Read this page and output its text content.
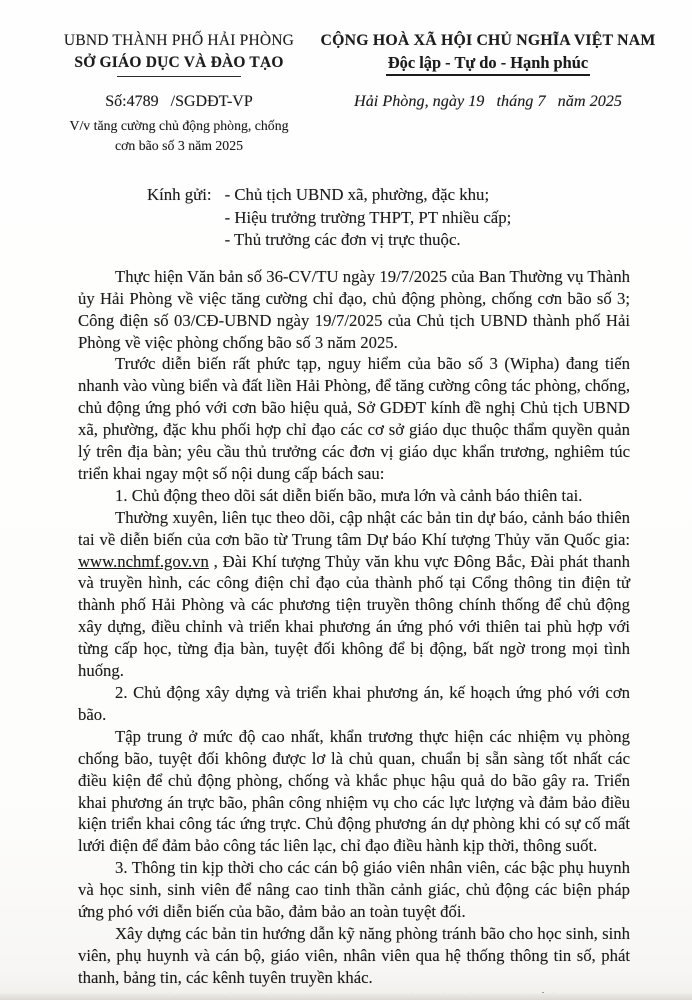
UBND THÀNH PHỐ HẢI PHÒNG
SỞ GIÁO DỤC VÀ ĐÀO TẠO
Số:4789   /SGDĐT-VP
V/v tăng cường chủ động phòng, chống
cơn bão số 3 năm 2025
CỘNG HOÀ XÃ HỘI CHỦ NGHĨA VIỆT NAM
Độc lập - Tự do - Hạnh phúc
Hải Phòng, ngày 19   tháng 7   năm 2025
Kính gửi: - Chủ tịch UBND xã, phường, đặc khu;
- Hiệu trưởng trường THPT, PT nhiều cấp;
- Thủ trưởng các đơn vị trực thuộc.

Thực hiện Văn bản số 36-CV/TU ngày 19/7/2025 của Ban Thường vụ Thành ủy Hải Phòng về việc tăng cường chỉ đạo, chủ động phòng, chống cơn bão số 3; Công điện số 03/CĐ-UBND ngày 19/7/2025 của Chủ tịch UBND thành phố Hải Phòng về việc phòng chống bão số 3 năm 2025.

Trước diễn biến rất phức tạp, nguy hiểm của bão số 3 (Wipha) đang tiến nhanh vào vùng biển và đất liền Hải Phòng, để tăng cường công tác phòng, chống, chủ động ứng phó với cơn bão hiệu quả, Sở GDĐT kính đề nghị Chủ tịch UBND xã, phường, đặc khu phối hợp chỉ đạo các cơ sở giáo dục thuộc thẩm quyền quản lý trên địa bàn; yêu cầu thủ trưởng các đơn vị giáo dục khẩn trương, nghiêm túc triển khai ngay một số nội dung cấp bách sau:

1. Chủ động theo dõi sát diễn biến bão, mưa lớn và cảnh báo thiên tai.

Thường xuyên, liên tục theo dõi, cập nhật các bản tin dự báo, cảnh báo thiên tai về diễn biến của cơn bão từ Trung tâm Dự báo Khí tượng Thủy văn Quốc gia: www.nchmf.gov.vn , Đài Khí tượng Thủy văn khu vực Đông Bắc, Đài phát thanh và truyền hình, các công điện chỉ đạo của thành phố tại Cổng thông tin điện tử thành phố Hải Phòng và các phương tiện truyền thông chính thống để chủ động xây dựng, điều chỉnh và triển khai phương án ứng phó với thiên tai phù hợp với từng cấp học, từng địa bàn, tuyệt đối không để bị động, bất ngờ trong mọi tình huống.

2. Chủ động xây dựng và triển khai phương án, kế hoạch ứng phó với cơn bão.

Tập trung ở mức độ cao nhất, khẩn trương thực hiện các nhiệm vụ phòng chống bão, tuyệt đối không được lơ là chủ quan, chuẩn bị sẵn sàng tốt nhất các điều kiện để chủ động phòng, chống và khắc phục hậu quả do bão gây ra. Triển khai phương án trực bão, phân công nhiệm vụ cho các lực lượng và đảm bảo điều kiện triển khai công tác ứng trực. Chủ động phương án dự phòng khi có sự cố mất lưới điện để đảm bảo công tác liên lạc, chỉ đạo điều hành kịp thời, thông suốt.

3. Thông tin kịp thời cho các cán bộ giáo viên nhân viên, các bậc phụ huynh và học sinh, sinh viên để nâng cao tinh thần cảnh giác, chủ động các biện pháp ứng phó với diễn biến của bão, đảm bảo an toàn tuyệt đối.

Xây dựng các bản tin hướng dẫn kỹ năng phòng tránh bão cho học sinh, sinh viên, phụ huynh và cán bộ, giáo viên, nhân viên qua hệ thống thông tin số, phát thanh, bảng tin, các kênh tuyên truyền khác.
